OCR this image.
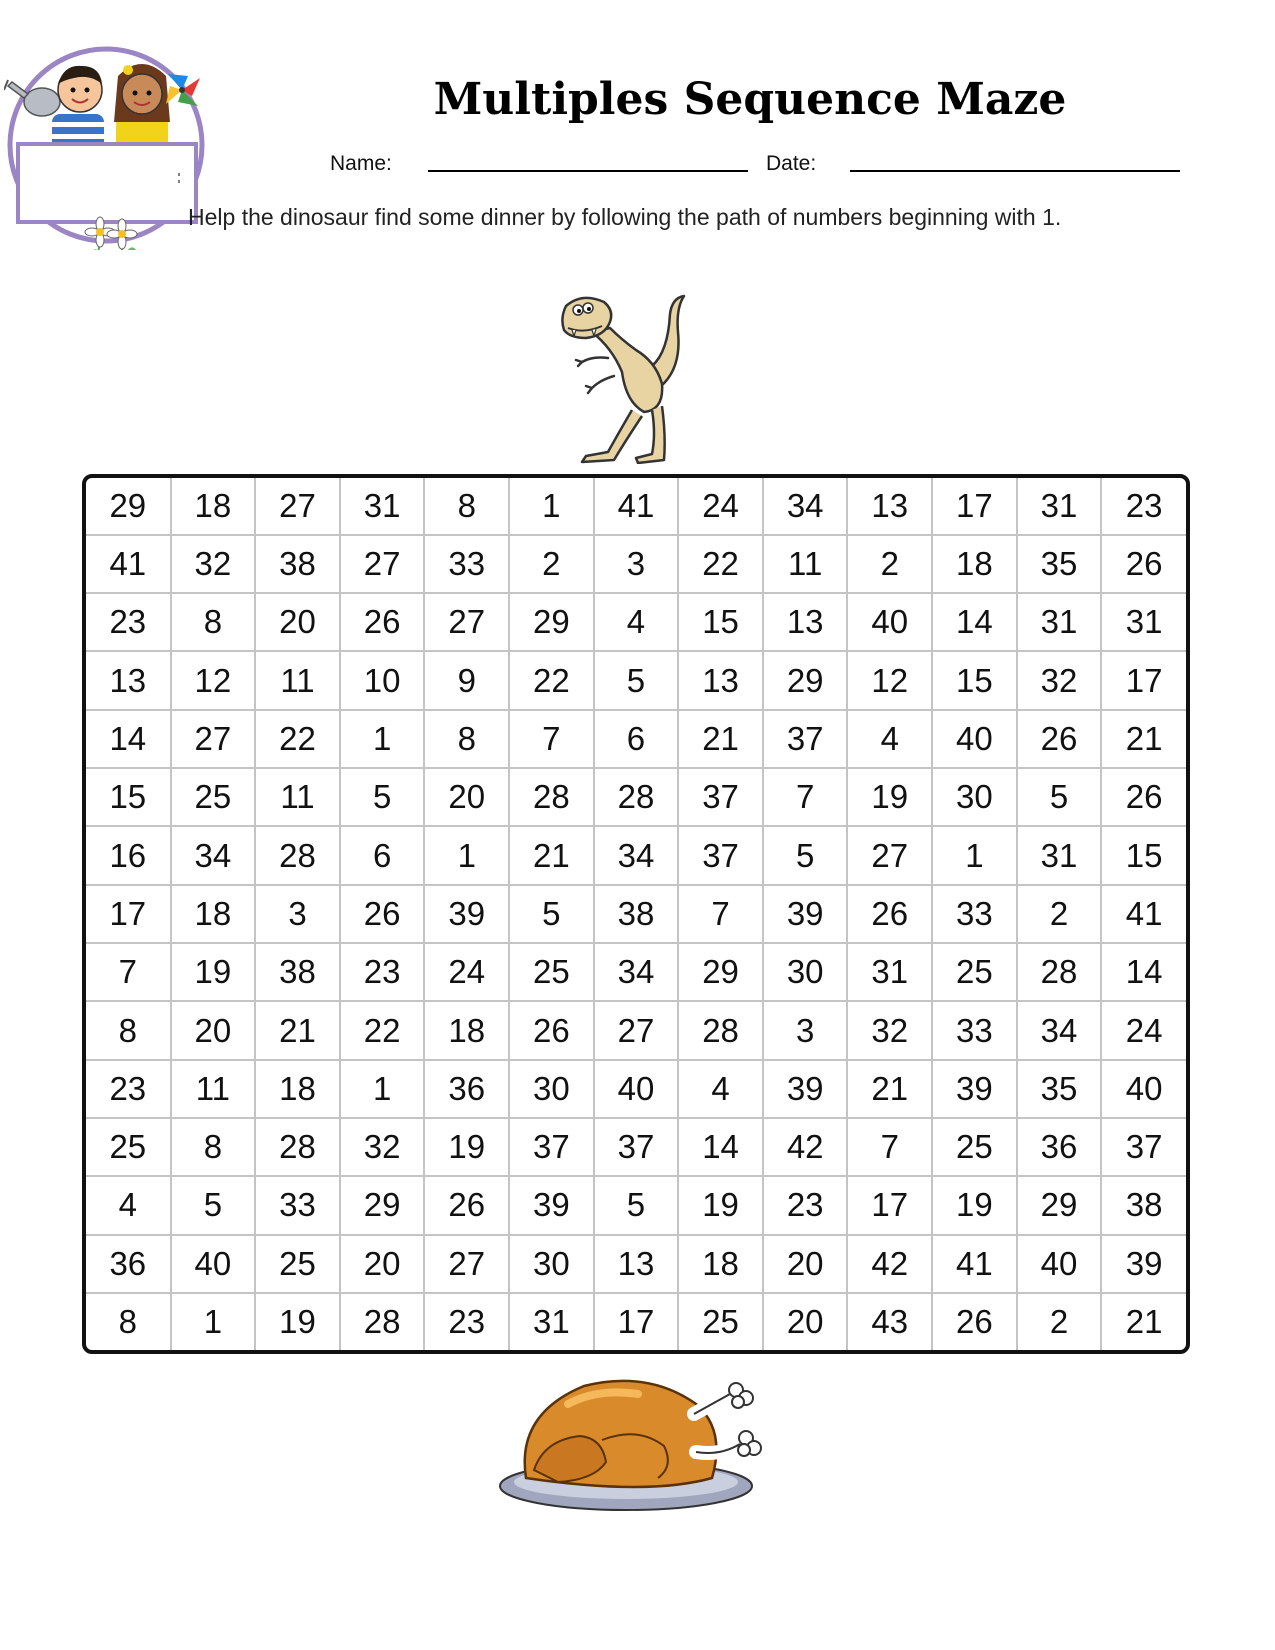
Multiples Sequence Maze
Name:	Date:
Help the dinosaur find some dinner by following the path of numbers beginning with 1.
29	18	27	31	8	1	41	24	34	13	17	31	23
41	32	38	27	33	2	3	22	11	2	18	35	26
23	8	20	26	27	29	4	15	13	40	14	31	31
13	12	11	10	9	22	5	13	29	12	15	32	17
14	27	22	1	8	7	6	21	37	4	40	26	21
15	25	11	5	20	28	28	37	7	19	30	5	26
16	34	28	6	1	21	34	37	5	27	1	31	15
17	18	3	26	39	5	38	7	39	26	33	2	41
7	19	38	23	24	25	34	29	30	31	25	28	14
8	20	21	22	18	26	27	28	3	32	33	34	24
23	11	18	1	36	30	40	4	39	21	39	35	40
25	8	28	32	19	37	37	14	42	7	25	36	37
4	5	33	29	26	39	5	19	23	17	19	29	38
36	40	25	20	27	30	13	18	20	42	41	40	39
8	1	19	28	23	31	17	25	20	43	26	2	21
